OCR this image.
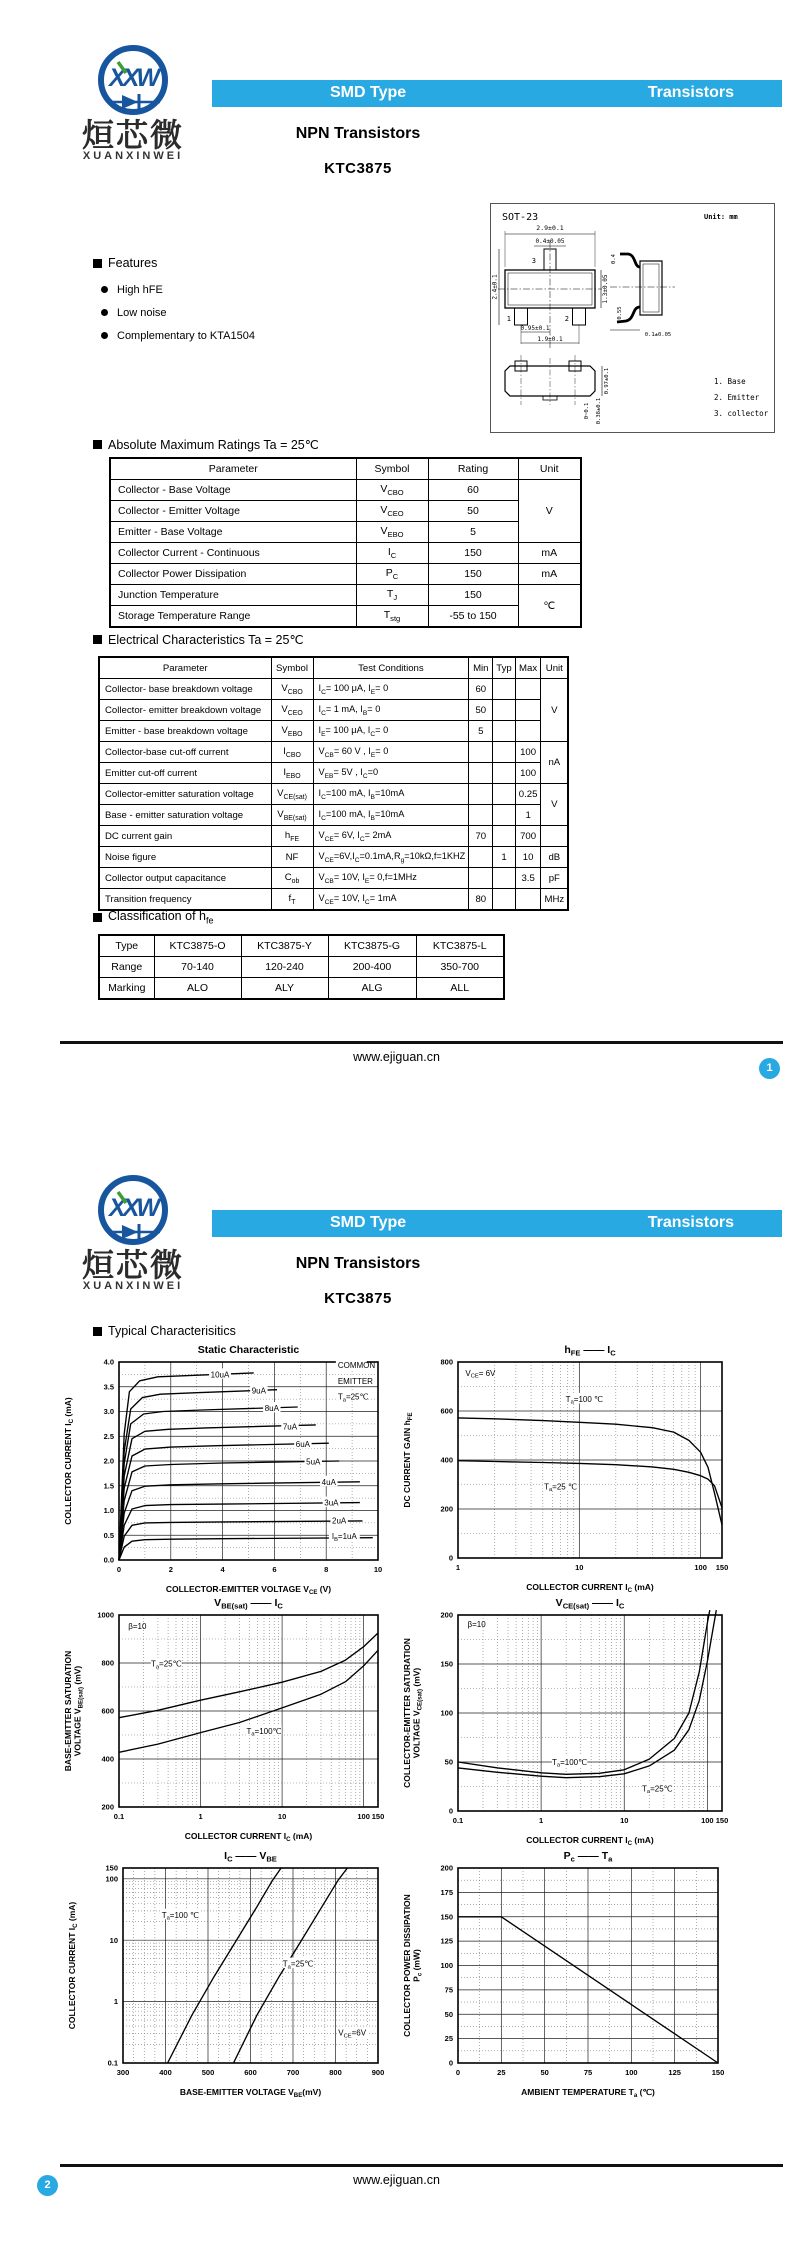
XXW
烜芯微
XUANXINWEI
SMD Type	Transistors
NPN Transistors
KTC3875
Features
High hFE
Low noise
Complementary to KTA1504
SOT-23	Unit: mm
3
1	2
2.9±0.1
0.4±0.05
2.4±0.1	1.3±0.05
0.95±0.1
1.9±0.1
0.4
0.55
0.1±0.05
0.97±0.1
0~0.1 0.38±0.1
1. Base
2. Emitter
3. collector
Absolute Maximum Ratings Ta = 25℃
Parameter	Symbol	Rating	Unit
Collector - Base Voltage	$V_{CBO}$	60	V
Collector - Emitter Voltage	$V_{CEO}$	50	
Emitter - Base Voltage	$V_{EBO}$	5	
Collector Current - Continuous	$I_C$	150	mA
Collector Power Dissipation	$P_C$	150	mA
Junction Temperature	$T_J$	150	℃
Storage Temperature Range	$T_{stg}$	-55 to 150	
Electrical Characteristics Ta = 25℃
Parameter	Symbol	Test Conditions	Min	Typ	Max	Unit
Collector- base breakdown voltage	$V_{CBO}$	$I_C= 100$ μA, $I_E= 0$	60			V
Collector- emitter breakdown voltage	$V_{CEO}$	$I_C= 1$ mA, $I_B= 0$	50			
Emitter - base breakdown voltage	$V_{EBO}$	$I_E= 100$ μA, $I_C= 0$	5			
Collector-base cut-off current	$I_{CBO}$	$V_{CB}= 60$ V , $I_E= 0$			100	nA
Emitter cut-off current	$I_{EBO}$	$V_{EB}= 5V$ , $I_C=0$			100	
Collector-emitter saturation voltage	$V_{CE(sat)}$	$I_C=100$ mA, $I_B=10mA$			0.25	V
Base - emitter saturation voltage	$V_{BE(sat)}$	$I_C=100$ mA, $I_B=10mA$			1	
DC current gain	$h_{FE}$	$V_{CE}= 6V$, $I_C= 2mA$	70		700	
Noise figure	NF	$V_{CE}=6V,I_C=0.1mA,R_g=10k\Omega,f=1KHZ$		1	10	dB
Collector output capacitance	$C_{ob}$	$V_{CB}= 10V$, $I_E= 0,f=1MHz$			3.5	pF
Transition frequency	$f_T$	$V_{CE}= 10V$, $I_C= 1mA$	80			MHz
Classification of $h_{fe}$
Type	KTC3875-O	KTC3875-Y	KTC3875-G	KTC3875-L
Range	70-140	120-240	200-400	350-700
Marking	ALO	ALY	ALG	ALL
www.ejiguan.cn
1
XXW
烜芯微
XUANXINWEI
SMD Type	Transistors
NPN Transistors
KTC3875
Typical Characterisitics
www.ejiguan.cn
2
0	2	4	6	8	10
0.0
0.5
1.0
1.5
2.0
2.5
3.0
3.5
4.0
Static Characteristic
COLLECTOR-EMITTER VOLTAGE $V_{CE}$ (V)
COLLECTOR CURRENT $I_C$ (mA)
10uA
9uA
8uA
7uA
6uA
5uA
4uA
3uA
2uA
$I_B=1uA$
COMMON
EMITTER
$T_a=25℃$
1	10	100 150
0
200
400
600
800
$h_{FE}$ —— $I_C$
COLLECTOR CURRENT $I_C$ (mA)
DC CURRENT GAIN $h_{FE}$
$V_{CE}= 6V$
$T_a=100$ ℃
$T_a=25$ ℃
0.1	1	10	100 150
200
400
600
800
1000
$V_{BE(sat)}$ —— $I_C$
COLLECTOR CURRENT $I_C$ (mA)
BASE-EMITTER SATURATION VOLTAGE $V_{BE(sat)}$ (mV)
β=10
$T_a=25℃$
$T_a=100℃$
0.1	1	10	100 150
0
50
100
150
200
$V_{CE(sat)}$ —— $I_C$
COLLECTOR CURRENT $I_C$ (mA)
COLLECTOR-EMITTER SATURATION VOLTAGE $V_{CE(sat)}$ (mV)
β=10
$T_a=100℃$
$T_a=25℃$
300	400	500	600	700	800	900
0.1
1
10
100
150
$I_C$ —— $V_{BE}$
BASE-EMITTER VOLTAGE $V_{BE}(mV)$
COLLECTOR CURRENT $I_C$ (mA)	$T_a=100$ ℃
$T_a=25℃$
$V_{CE}=6V$
0	25	50	75	100	125	150
0
25
50
75
100
125
150
175
200
$P_c$ —— $T_a$
AMBIENT TEMPERATURE $T_a$ (℃)
COLLECTOR POWER DISSIPATION $P_c$ (mW)
